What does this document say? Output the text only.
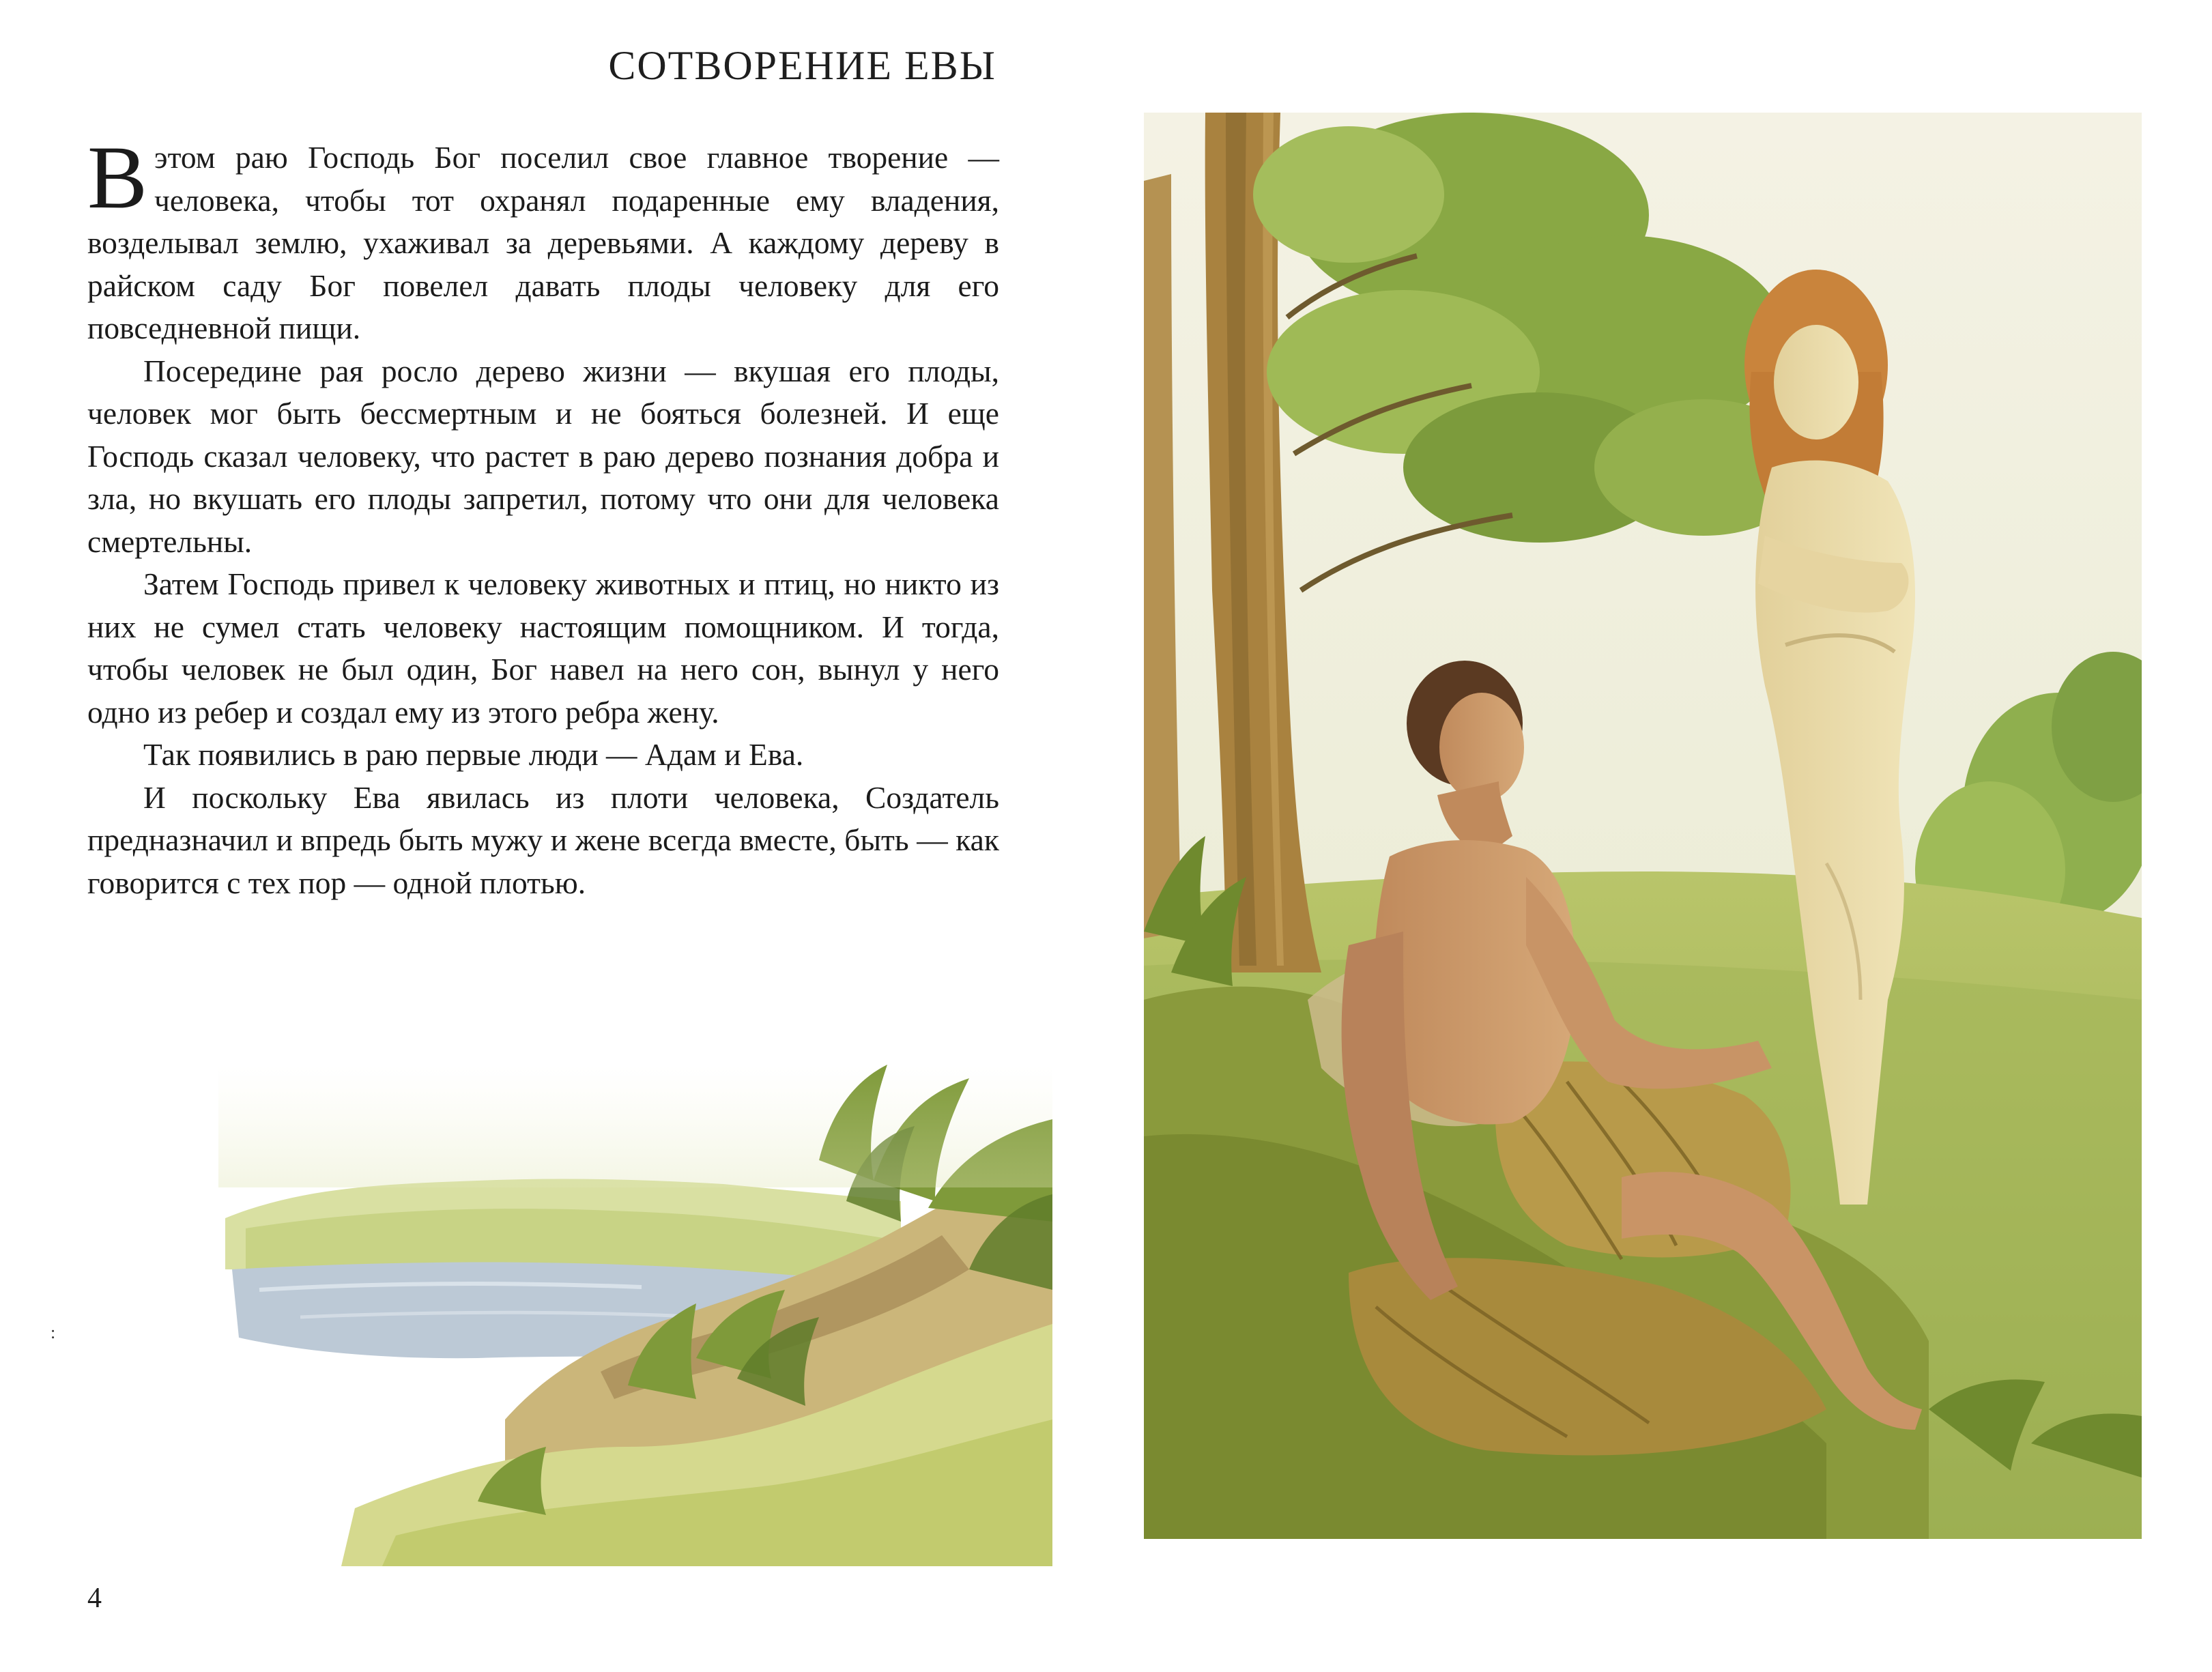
СОТВОРЕНИЕ ЕВЫ

В этом раю Господь Бог поселил свое главное творение — человека, чтобы тот охранял подаренные ему владения, возделывал землю, ухаживал за деревьями. А каждому дереву в райском саду Бог повелел давать плоды человеку для его повседневной пищи.

Посередине рая росло дерево жизни — вкушая его плоды, человек мог быть бессмертным и не бояться болезней. И еще Господь сказал человеку, что растет в раю дерево познания добра и зла, но вкушать его плоды запретил, потому что они для человека смертельны.

Затем Господь привел к человеку животных и птиц, но никто из них не сумел стать человеку настоящим помощником. И тогда, чтобы человек не был один, Бог навел на него сон, вынул у него одно из ребер и создал ему из этого ребра жену.

Так появились в раю первые люди — Адам и Ева.

И поскольку Ева явилась из плоти человека, Создатель предназначил и впредь быть мужу и жене всегда вместе, быть — как говорится с тех пор — одной плотью.

:
4
